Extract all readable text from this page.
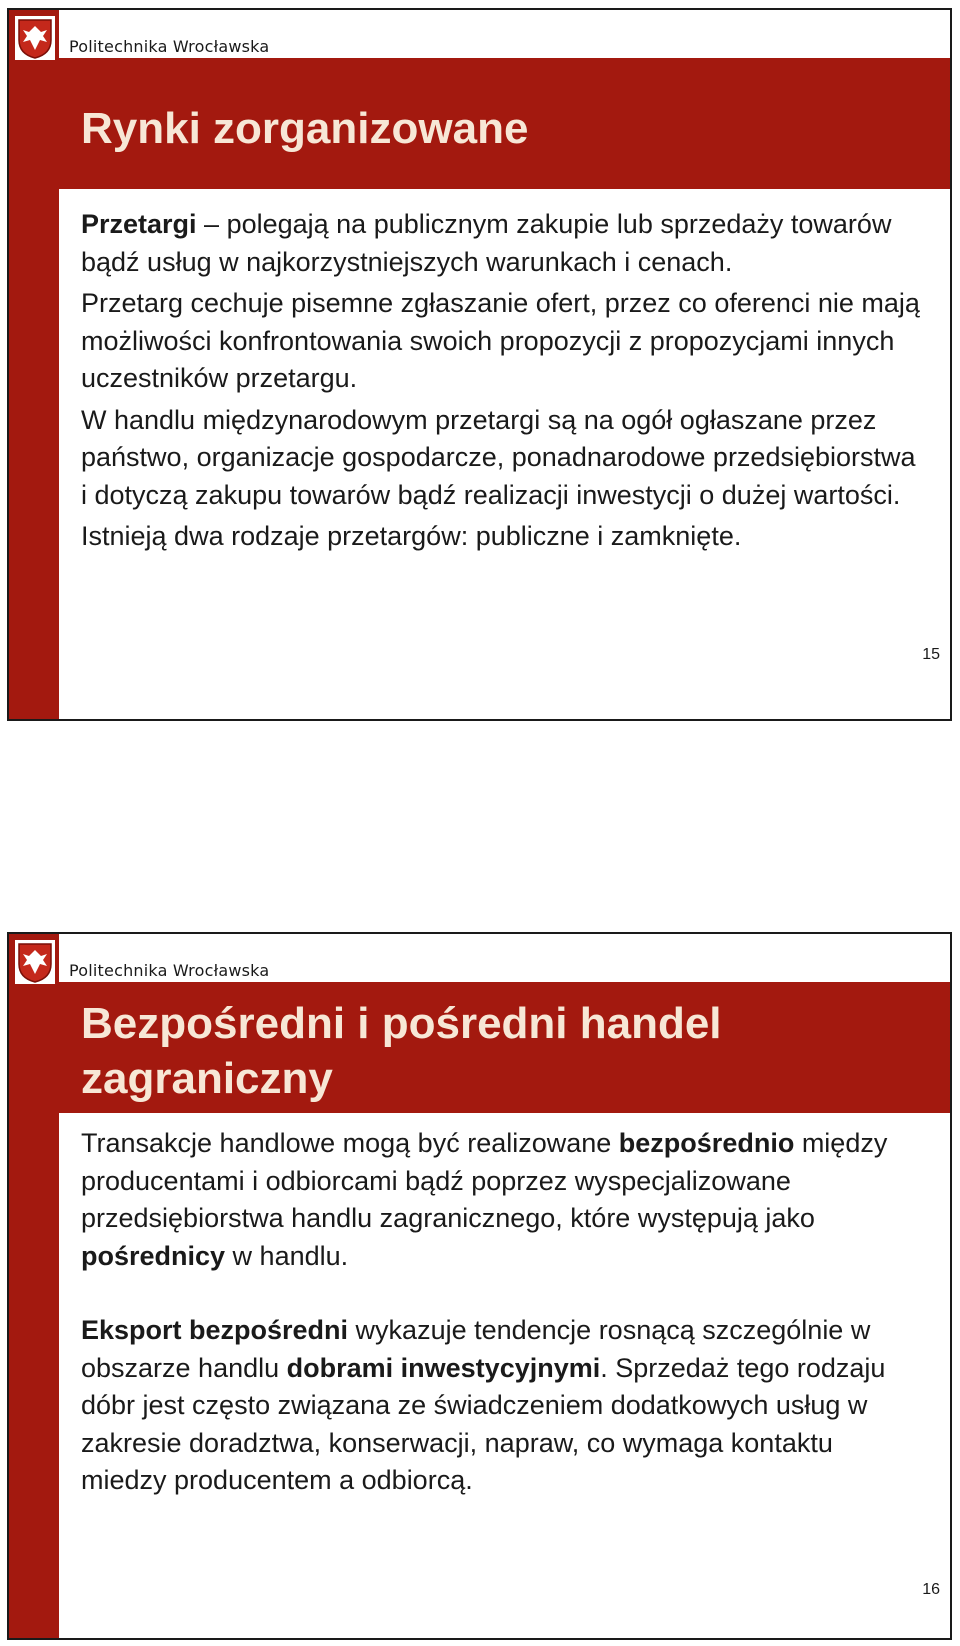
Politechnika Wrocławska
Rynki zorganizowane

Przetargi – polegają na publicznym zakupie lub sprzedaży towarów bądź usług w najkorzystniejszych warunkach i cenach.

Przetarg cechuje pisemne zgłaszanie ofert, przez co oferenci nie mają możliwości konfrontowania swoich propozycji z propozycjami innych uczestników przetargu.

W handlu międzynarodowym przetargi są na ogół ogłaszane przez państwo, organizacje gospodarcze, ponadnarodowe przedsiębiorstwa i dotyczą zakupu towarów bądź realizacji inwestycji o dużej wartości.

Istnieją dwa rodzaje przetargów: publiczne i zamknięte.

15
Politechnika Wrocławska
Bezpośredni i pośredni handel zagraniczny

Transakcje handlowe mogą być realizowane bezpośrednio między producentami i odbiorcami bądź poprzez wyspecjalizowane przedsiębiorstwa handlu zagranicznego, które występują jako pośrednicy w handlu.

Eksport bezpośredni wykazuje tendencje rosnącą szczególnie w obszarze handlu dobrami inwestycyjnymi. Sprzedaż tego rodzaju dóbr jest często związana ze świadczeniem dodatkowych usług w zakresie doradztwa, konserwacji, napraw, co wymaga kontaktu miedzy producentem a odbiorcą.

16
